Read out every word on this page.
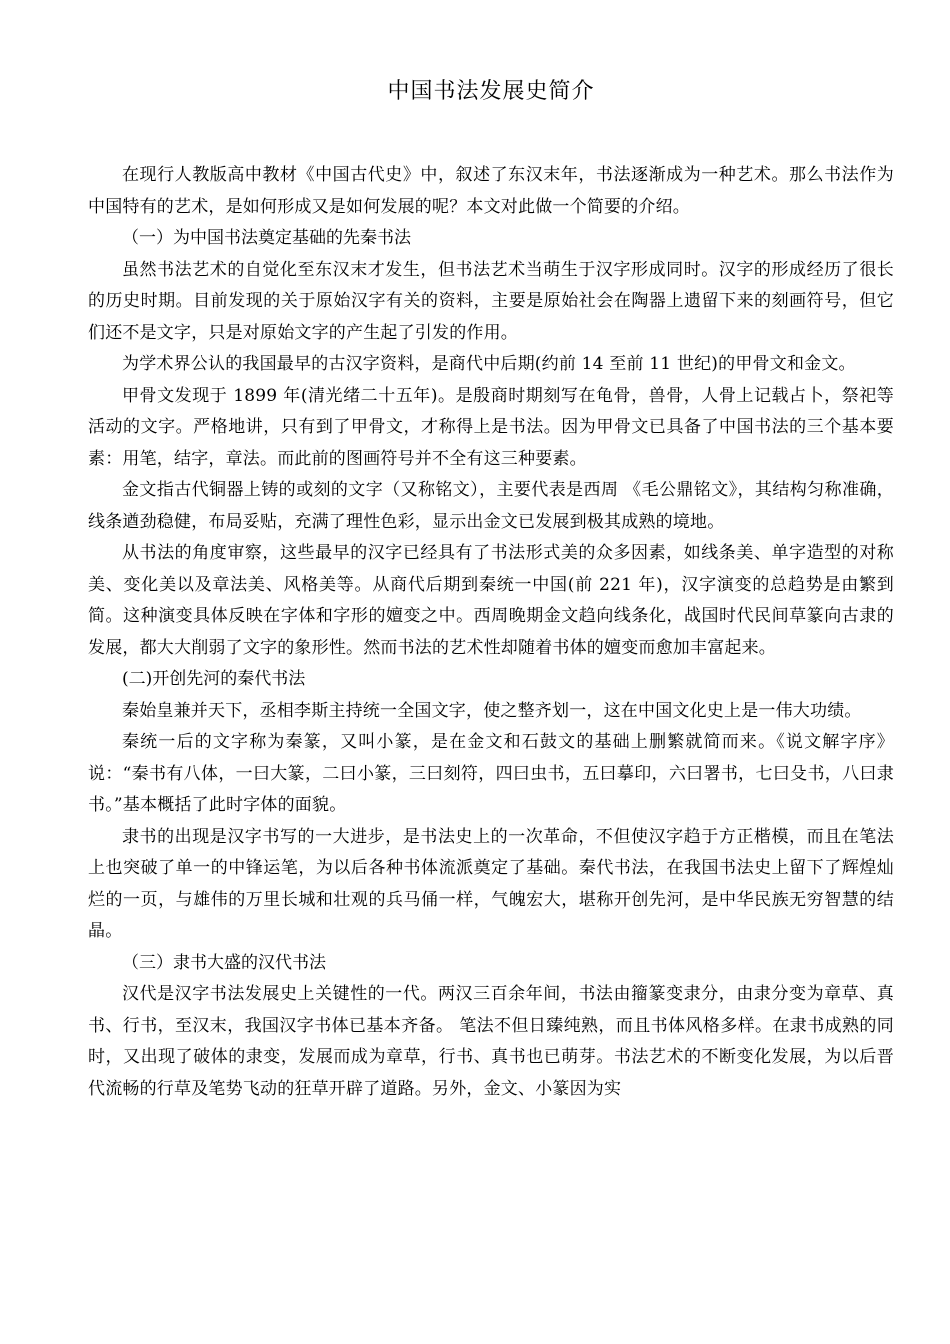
中国书法发展史简介

在现行人教版高中教材《中国古代史》中，叙述了东汉末年，书法逐渐成为一种艺术。那么书法作为中国特有的艺术，是如何形成又是如何发展的呢？本文对此做一个简要的介绍。

（一）为中国书法奠定基础的先秦书法

虽然书法艺术的自觉化至东汉末才发生，但书法艺术当萌生于汉字形成同时。汉字的形成经历了很长的历史时期。目前发现的关于原始汉字有关的资料，主要是原始社会在陶器上遗留下来的刻画符号，但它们还不是文字，只是对原始文字的产生起了引发的作用。

为学术界公认的我国最早的古汉字资料，是商代中后期(约前 14 至前 11 世纪)的甲骨文和金文。

甲骨文发现于 1899 年(清光绪二十五年)。是殷商时期刻写在龟骨，兽骨，人骨上记载占卜，祭祀等活动的文字。严格地讲，只有到了甲骨文，才称得上是书法。因为甲骨文已具备了中国书法的三个基本要素：用笔，结字，章法。而此前的图画符号并不全有这三种要素。

金文指古代铜器上铸的或刻的文字（又称铭文），主要代表是西周 《毛公鼎铭文》，其结构匀称准确，线条遒劲稳健，布局妥贴，充满了理性色彩，显示出金文已发展到极其成熟的境地。

从书法的角度审察，这些最早的汉字已经具有了书法形式美的众多因素，如线条美、单字造型的对称美、变化美以及章法美、风格美等。从商代后期到秦统一中国(前 221 年)，汉字演变的总趋势是由繁到简。这种演变具体反映在字体和字形的嬗变之中。西周晚期金文趋向线条化，战国时代民间草篆向古隶的发展，都大大削弱了文字的象形性。然而书法的艺术性却随着书体的嬗变而愈加丰富起来。

(二)开创先河的秦代书法

秦始皇兼并天下，丞相李斯主持统一全国文字，使之整齐划一，这在中国文化史上是一伟大功绩。

秦统一后的文字称为秦篆，又叫小篆，是在金文和石鼓文的基础上删繁就简而来。《说文解字序》说：“秦书有八体，一曰大篆，二曰小篆，三曰刻符，四曰虫书，五曰摹印，六曰署书，七曰殳书，八曰隶书。”基本概括了此时字体的面貌。

隶书的出现是汉字书写的一大进步，是书法史上的一次革命，不但使汉字趋于方正楷模，而且在笔法上也突破了单一的中锋运笔，为以后各种书体流派奠定了基础。秦代书法，在我国书法史上留下了辉煌灿烂的一页，与雄伟的万里长城和壮观的兵马俑一样，气魄宏大，堪称开创先河，是中华民族无穷智慧的结晶。

（三）隶书大盛的汉代书法

汉代是汉字书法发展史上关键性的一代。两汉三百余年间，书法由籀篆变隶分，由隶分变为章草、真书、行书，至汉末，我国汉字书体已基本齐备。 笔法不但日臻纯熟，而且书体风格多样。在隶书成熟的同时，又出现了破体的隶变，发展而成为章草，行书、真书也已萌芽。书法艺术的不断变化发展，为以后晋代流畅的行草及笔势飞动的狂草开辟了道路。另外，金文、小篆因为实
